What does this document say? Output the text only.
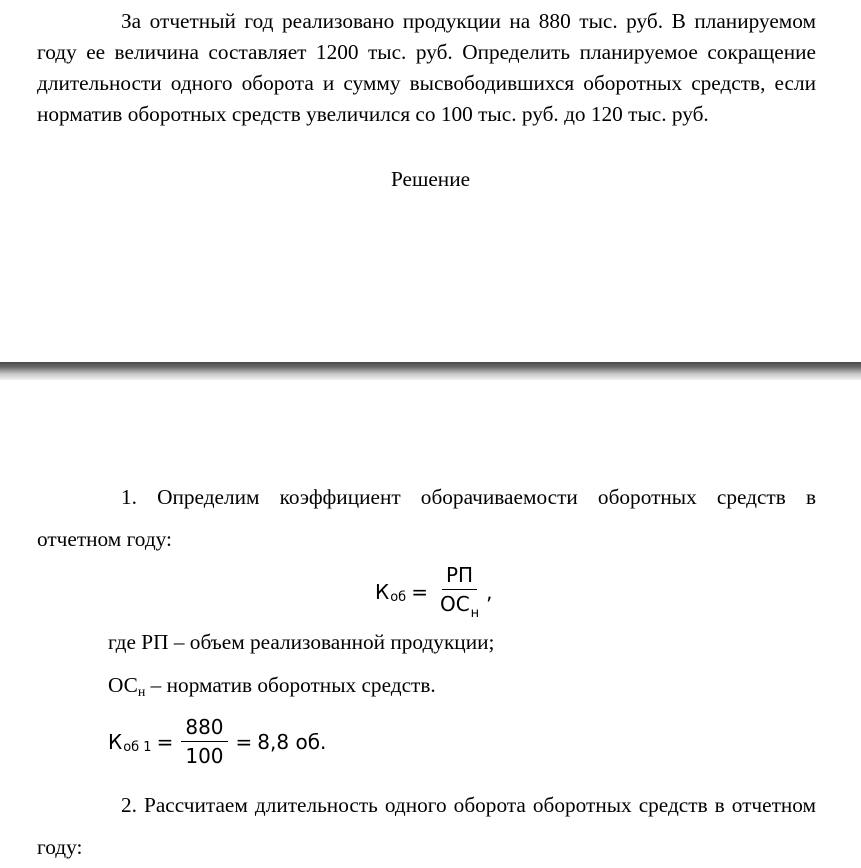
За отчетный год реализовано продукции на 880 тыс. руб. В планируемом году ее величина составляет 1200 тыс. руб. Определить планируемое сокращение длительности одного оборота и сумму высвободившихся оборотных средств, если норматив оборотных средств увеличился со 100 тыс. руб. до 120 тыс. руб.

Решение

1. Определим коэффициент оборачиваемости оборотных средств в отчетном году:

К об = $\frac{РП}{ОС_н}$ ,
где РП – объем реализованной продукции;
ОСн – норматив оборотных средств.
К об $1 = \frac{880}{100} = 8,8$ об.

2. Рассчитаем длительность одного оборота оборотных средств в отчетном году:
